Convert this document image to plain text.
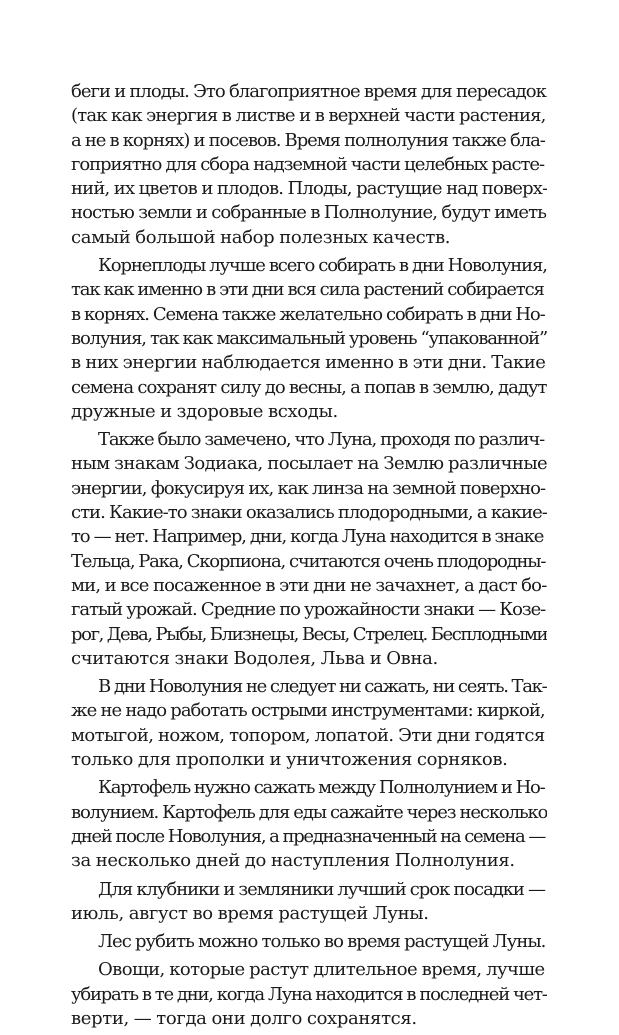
беги и плоды. Это благоприятное время для пересадок
(так как энергия в листве и в верхней части растения,
а не в корнях) и посевов. Время полнолуния также бла-
гоприятно для сбора надземной части целебных расте-
ний, их цветов и плодов. Плоды, растущие над поверх-
ностью земли и собранные в Полнолуние, будут иметь
самый большой набор полезных качеств.
Корнеплоды лучше всего собирать в дни Новолуния,
так как именно в эти дни вся сила растений собирается
в корнях. Семена также желательно собирать в дни Но-
волуния, так как максимальный уровень “упакованной”
в них энергии наблюдается именно в эти дни. Такие
семена сохранят силу до весны, а попав в землю, дадут
дружные и здоровые всходы.
Также было замечено, что Луна, проходя по различ-
ным знакам Зодиака, посылает на Землю различные
энергии, фокусируя их, как линза на земной поверхно-
сти. Какие-то знаки оказались плодородными, а какие-
то — нет. Например, дни, когда Луна находится в знаке
Тельца, Рака, Скорпиона, считаются очень плодородны-
ми, и все посаженное в эти дни не зачахнет, а даст бо-
гатый урожай. Средние по урожайности знаки — Козе-
рог, Дева, Рыбы, Близнецы, Весы, Стрелец. Бесплодными
считаются знаки Водолея, Льва и Овна.
В дни Новолуния не следует ни сажать, ни сеять. Так-
же не надо работать острыми инструментами: киркой,
мотыгой, ножом, топором, лопатой. Эти дни годятся
только для прополки и уничтожения сорняков.
Картофель нужно сажать между Полнолунием и Но-
волунием. Картофель для еды сажайте через несколько
дней после Новолуния, а предназначенный на семена —
за несколько дней до наступления Полнолуния.
Для клубники и земляники лучший срок посадки —
июль, август во время растущей Луны.
Лес рубить можно только во время растущей Луны.
Овощи, которые растут длительное время, лучше
убирать в те дни, когда Луна находится в последней чет-
верти, — тогда они долго сохранятся.
